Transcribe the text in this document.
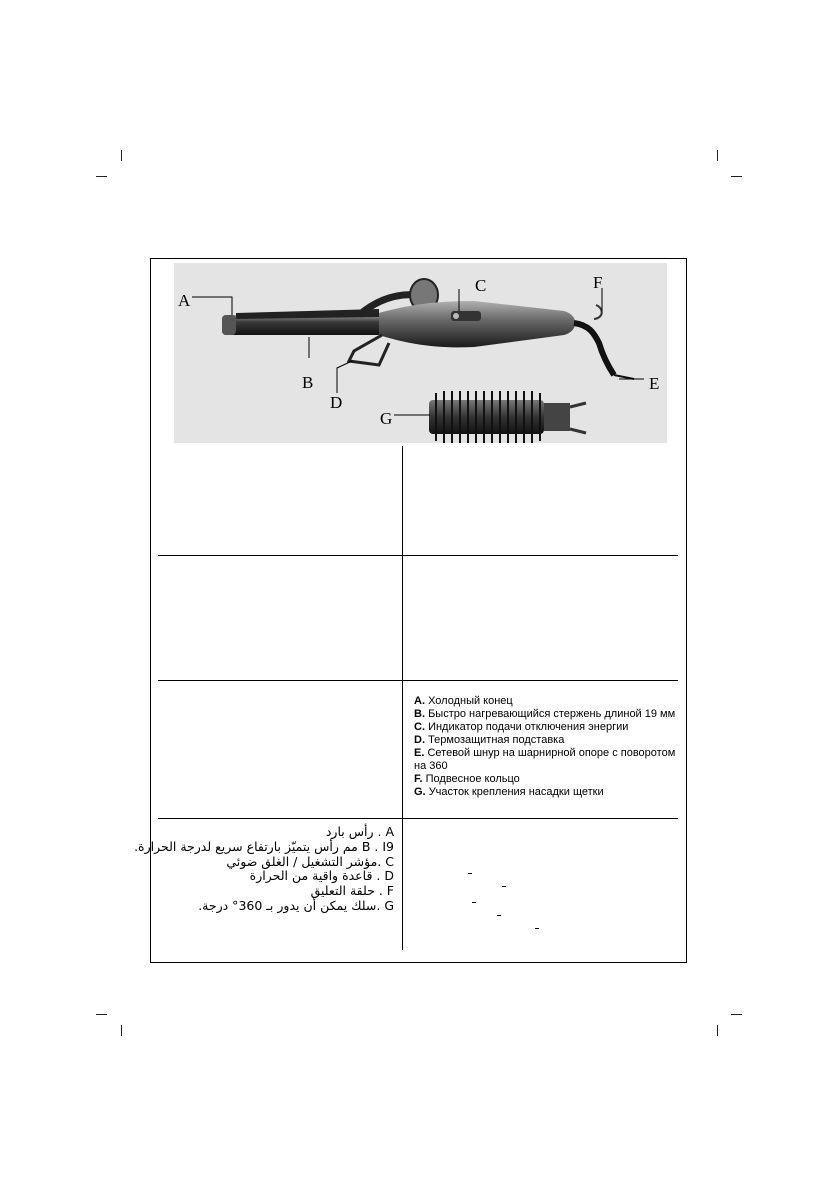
A
B
C
D
E
F
G
A. Холодный конец
B. Быстро нагревающийся стержень длиной 19 мм
C. Индикатор подачи отключения энергии
D. Термозащитная подставка
E. Сетевой шнур на шарнирной опоре с поворотом на 360
F. Подвесное кольцо
G. Участок крепления насадки щетки
A . رأس بارد
B . I9 مم رأس يتميّز بارتفاع سريع لدرجة الحرارة.
C .مؤشر التشغيل / الغلق ضوئي
D . قاعدة واقية من الحرارة
F . حلقة التعليق
G .سلك يمكن أن يدور بـ 360° درجة.
